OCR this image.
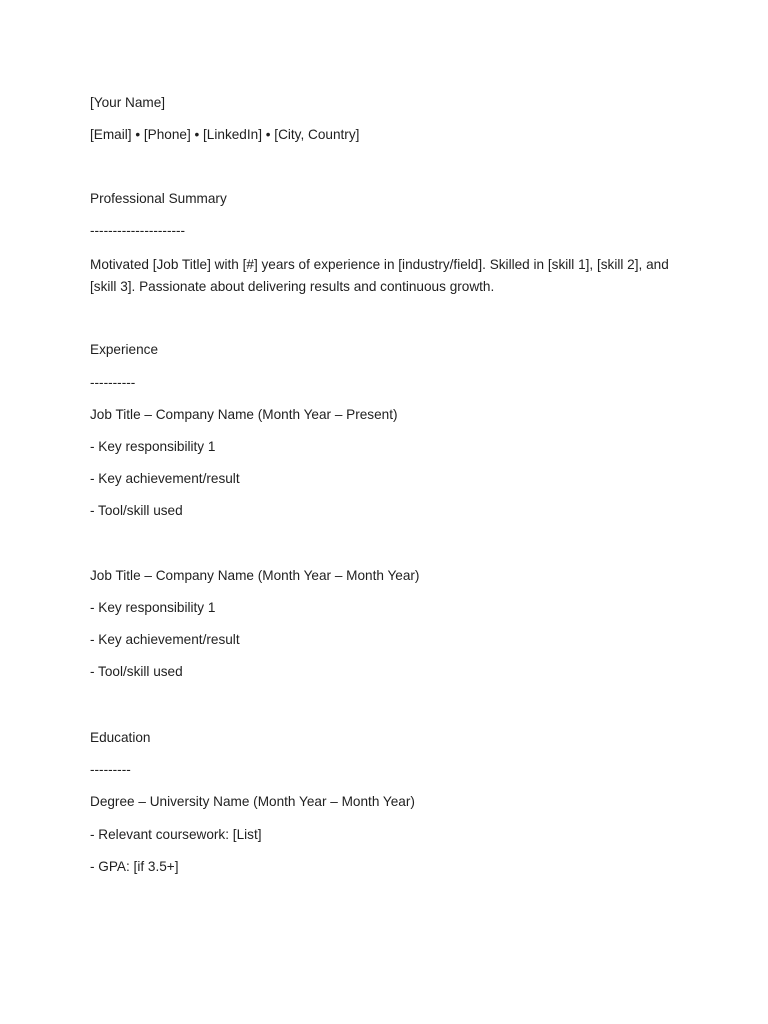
[Your Name]

[Email] • [Phone] • [LinkedIn] • [City, Country]

Professional Summary

---------------------

Motivated [Job Title] with [#] years of experience in [industry/field]. Skilled in [skill 1], [skill 2], and [skill 3]. Passionate about delivering results and continuous growth.

Experience

----------

Job Title – Company Name (Month Year – Present)

- Key responsibility 1

- Key achievement/result

- Tool/skill used

Job Title – Company Name (Month Year – Month Year)

- Key responsibility 1

- Key achievement/result

- Tool/skill used

Education

---------

Degree – University Name (Month Year – Month Year)

- Relevant coursework: [List]

- GPA: [if 3.5+]
